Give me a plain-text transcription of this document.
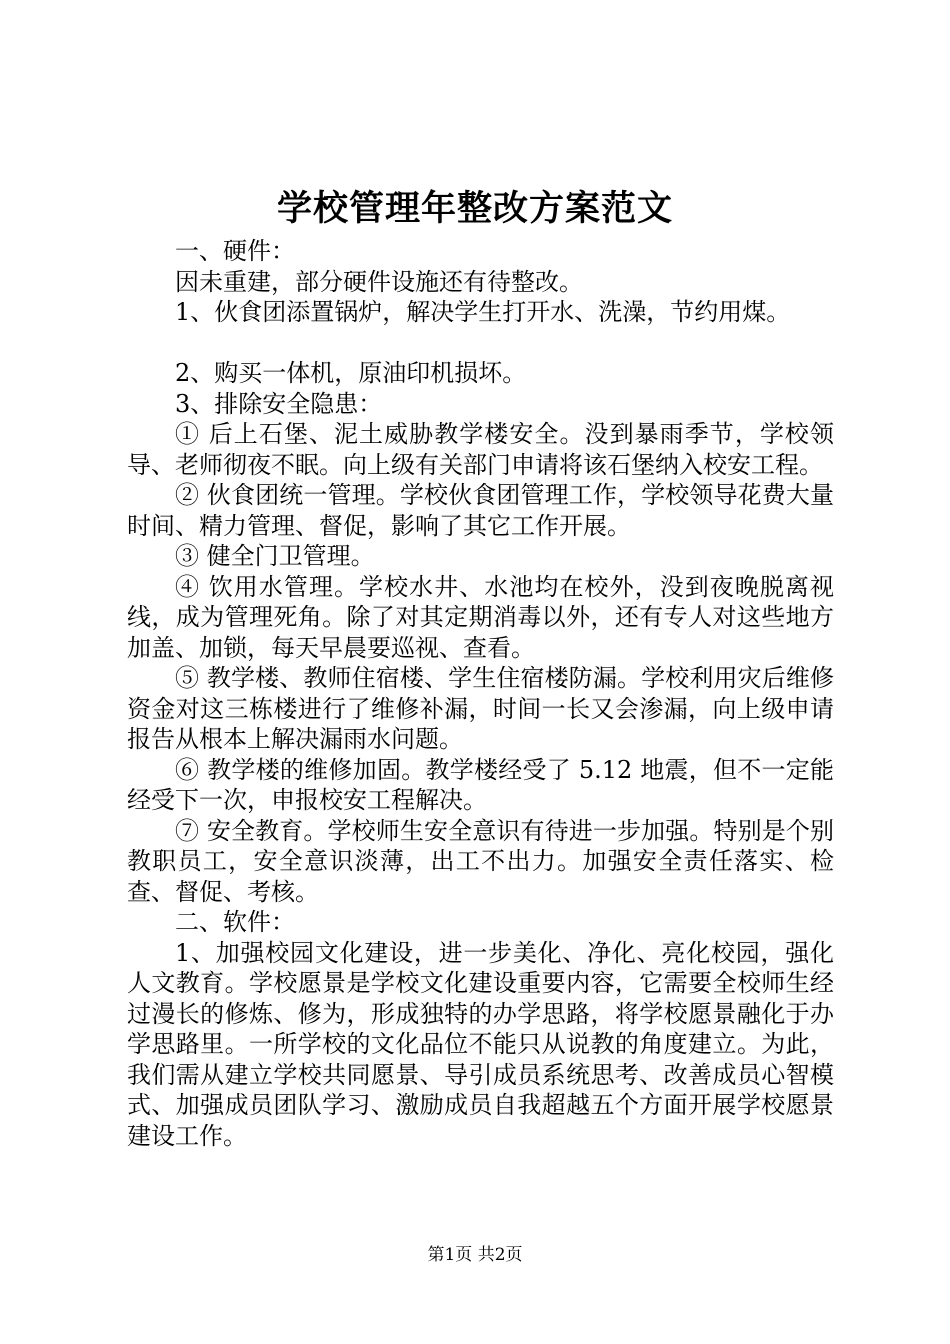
学校管理年整改方案范文

一、硬件：

因未重建，部分硬件设施还有待整改。

1、伙食团添置锅炉，解决学生打开水、洗澡，节约用煤。

2、购买一体机，原油印机损坏。

3、排除安全隐患：

① 后上石堡、泥土威胁教学楼安全。没到暴雨季节，学校领导、老师彻夜不眠。向上级有关部门申请将该石堡纳入校安工程。

② 伙食团统一管理。学校伙食团管理工作，学校领导花费大量时间、精力管理、督促，影响了其它工作开展。

③ 健全门卫管理。

④ 饮用水管理。学校水井、水池均在校外，没到夜晚脱离视线，成为管理死角。除了对其定期消毒以外，还有专人对这些地方加盖、加锁，每天早晨要巡视、查看。

⑤ 教学楼、教师住宿楼、学生住宿楼防漏。学校利用灾后维修资金对这三栋楼进行了维修补漏，时间一长又会渗漏，向上级申请报告从根本上解决漏雨水问题。

⑥ 教学楼的维修加固。教学楼经受了 5.12 地震，但不一定能经受下一次，申报校安工程解决。

⑦ 安全教育。学校师生安全意识有待进一步加强。特别是个别教职员工，安全意识淡薄，出工不出力。加强安全责任落实、检查、督促、考核。

二、软件：

1、加强校园文化建设，进一步美化、净化、亮化校园，强化人文教育。学校愿景是学校文化建设重要内容，它需要全校师生经过漫长的修炼、修为，形成独特的办学思路，将学校愿景融化于办学思路里。一所学校的文化品位不能只从说教的角度建立。为此，我们需从建立学校共同愿景、导引成员系统思考、改善成员心智模式、加强成员团队学习、激励成员自我超越五个方面开展学校愿景建设工作。

第1页 共2页
